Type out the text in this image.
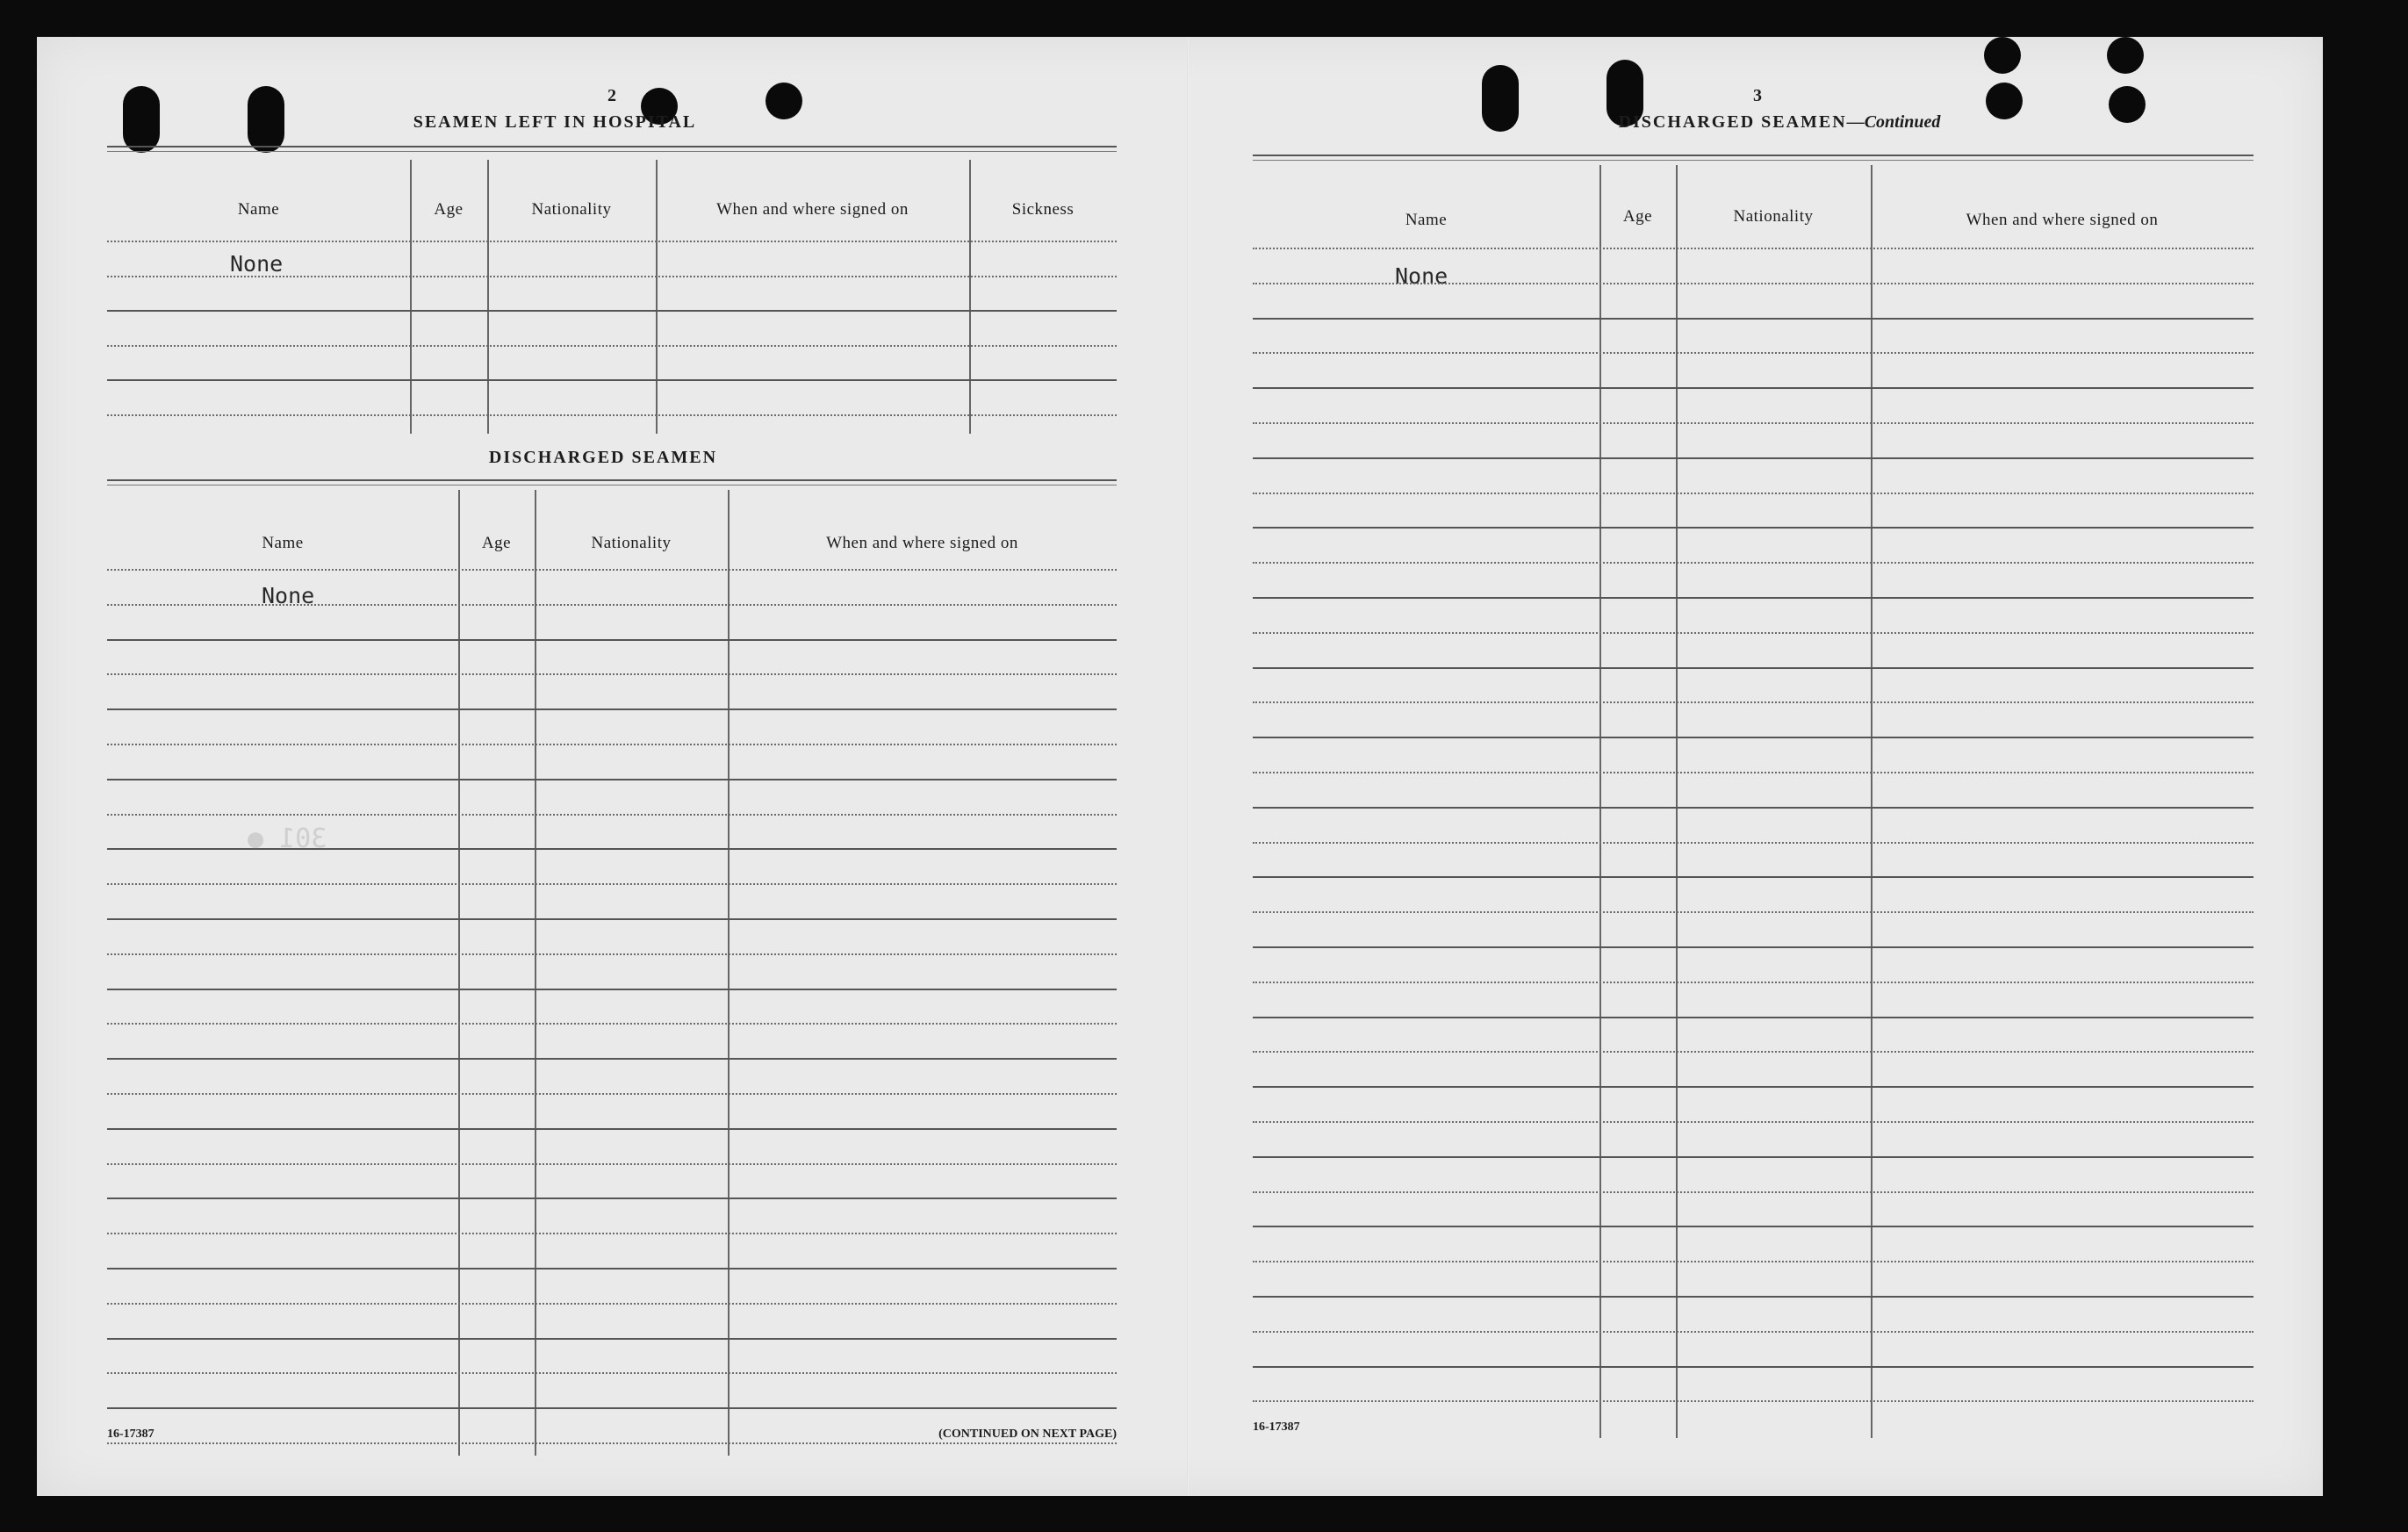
2
SEAMEN LEFT IN HOSPITAL
Name	Age	Nationality	When and where signed on	Sickness
None
DISCHARGED SEAMEN
Name	Age	Nationality	When and where signed on
None
301 ●
16-17387	(CONTINUED ON NEXT PAGE)
3
DISCHARGED SEAMEN—Continued
Name	Age	Nationality	When and where signed on
None
16-17387
